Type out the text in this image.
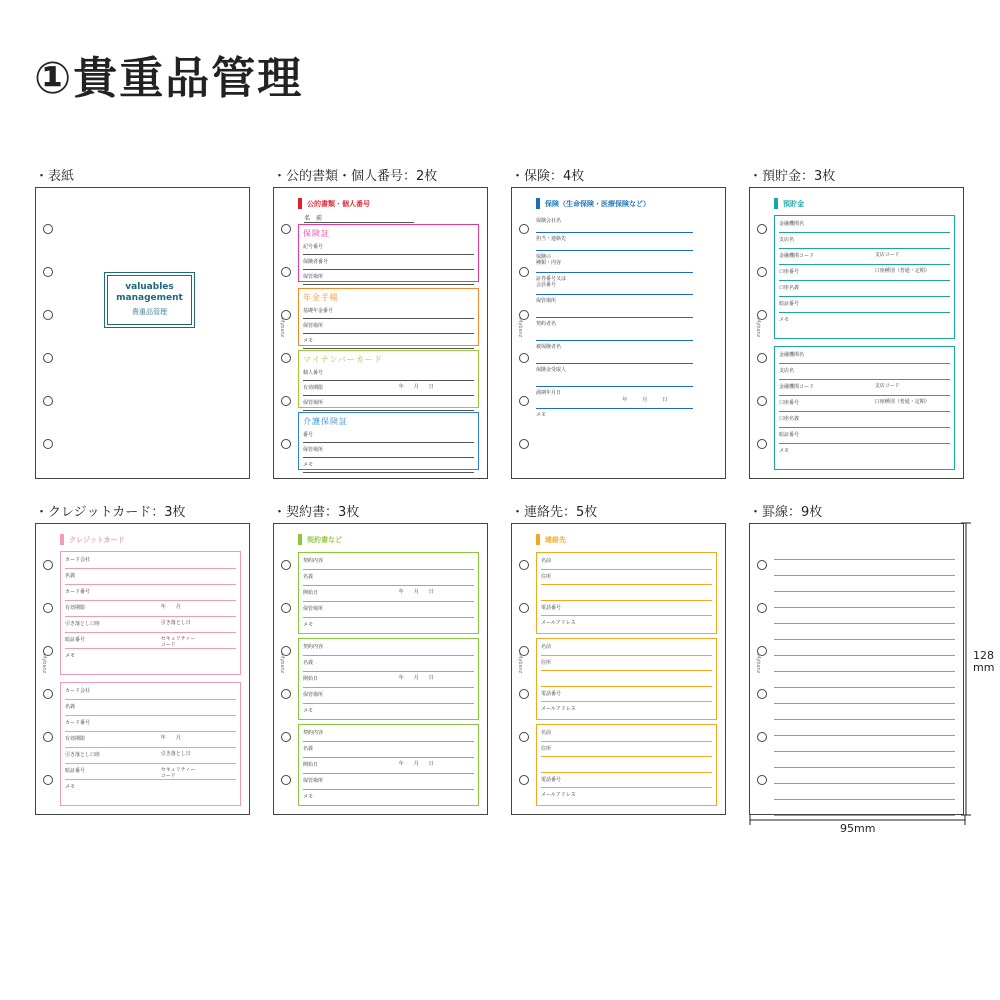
①貴重品管理
・表紙
valuables
management
貴重品管理
・公的書類・個人番号：2枚
Mybanz
公的書類・個人番号
名　前
保険証
記号番号
保険者番号
保管場所
年金手帳
基礎年金番号
保管場所
メモ
マイナンバーカード
個人番号
有効期限	年　　月　　日
保管場所
介護保険証
番号
保管場所
メモ
・保険：4枚
Mybanz
保険（生命保険・医療保険など）
保険会社名
担当・連絡先
保険の
種類・内容
証券番号又は
会員番号
保管場所
契約者名
被保険者名
保険金受取人
満期年月日
年　　　月　　　日
メモ
・預貯金：3枚
Mybanz
預貯金
金融機関名
支店名
金融機関コード	支店コード
口座番号	口座種別（普通・定期）
口座名義
暗証番号
メモ
金融機関名
支店名
金融機関コード	支店コード
口座番号	口座種別（普通・定期）
口座名義
暗証番号
メモ
・クレジットカード：3枚
Mybanz
クレジットカード
カード会社
名義
カード番号
有効期限	年　　月
引き落とし口座	引き落とし日
暗証番号	セキュリティー
コード
メモ
カード会社
名義
カード番号
有効期限	年　　月
引き落とし口座	引き落とし日
暗証番号	セキュリティー
コード
メモ
・契約書：3枚
Mybanz
契約書など
契約内容
名義
開始日	年　　月　　日
保管場所
メモ
契約内容
名義
開始日	年　　月　　日
保管場所
メモ
契約内容
名義
開始日	年　　月　　日
保管場所
メモ
・連絡先：5枚
Mybanz
連絡先
名前
住所
電話番号
メールアドレス
名前
住所
電話番号
メールアドレス
名前
住所
電話番号
メールアドレス
・罫線：9枚
Mybanz	128
mm
95mm
